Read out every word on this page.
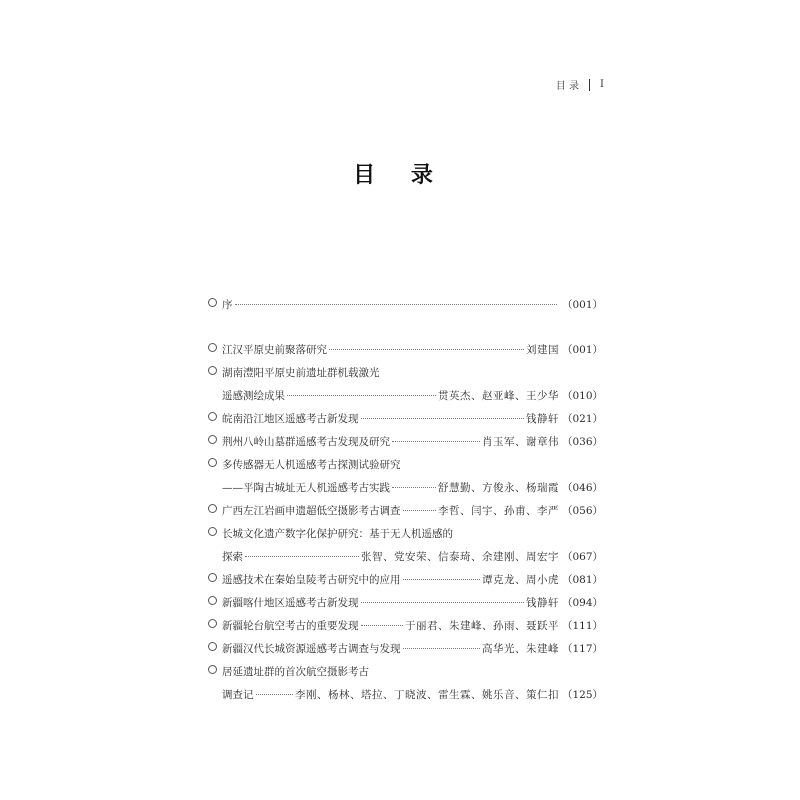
目 录 I
目 录
序	（001）
江汉平原史前聚落研究	刘建国 （001）
湖南澧阳平原史前遗址群机载激光
遥感测绘成果	贯英杰、赵亚峰、王少华 （010）
皖南沿江地区遥感考古新发现	钱静轩 （021）
荆州八岭山墓群遥感考古发现及研究	肖玉军、谢章伟 （036）
多传感器无人机遥感考古探测试验研究
——平陶古城址无人机遥感考古实践	舒慧勤、方俊永、杨瑞霞 （046）
广西左江岩画申遗超低空摄影考古调查	李哲、闫宇、孙甫、李严 （056）
长城文化遗产数字化保护研究：基于无人机遥感的
探索	张智、党安荣、信泰琦、余建刚、周宏宇 （067）
遥感技术在秦始皇陵考古研究中的应用	谭克龙、周小虎 （081）
新疆喀什地区遥感考古新发现	钱静轩 （094）
新疆轮台航空考古的重要发现	于丽君、朱建峰、孙雨、聂跃平 （111）
新疆汉代长城资源遥感考古调查与发现	高华光、朱建峰 （117）
居延遗址群的首次航空摄影考古
调查记	李刚、杨林、塔拉、丁晓波、雷生霖、姚乐音、策仁扣 （125）
